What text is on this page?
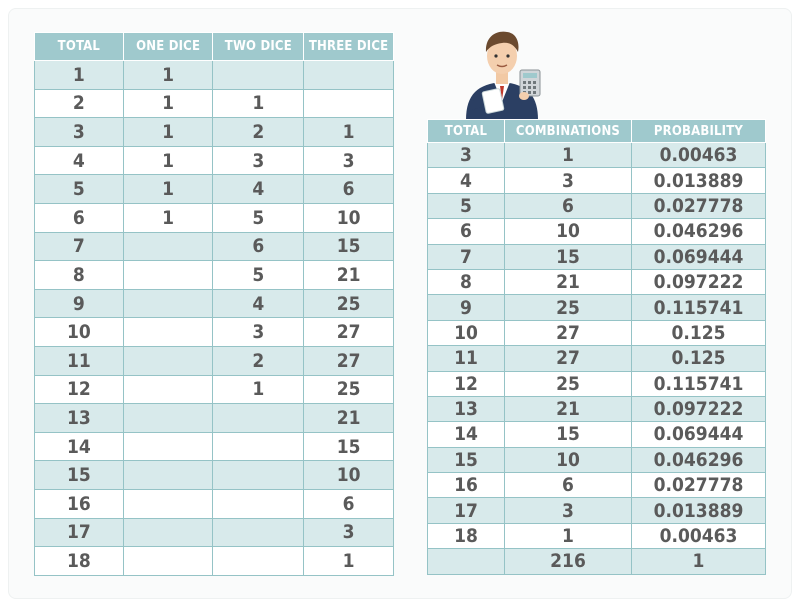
TOTAL	ONE DICE	TWO DICE	THREE DICE
1	1		
2	1	1	
3	1	2	1
4	1	3	3
5	1	4	6
6	1	5	10
7		6	15
8		5	21
9		4	25
10		3	27
11		2	27
12		1	25
13			21
14			15
15			10
16			6
17			3
18			1
TOTAL	COMBINATIONS	PROBABILITY
3	1	0.00463
4	3	0.013889
5	6	0.027778
6	10	0.046296
7	15	0.069444
8	21	0.097222
9	25	0.115741
10	27	0.125
11	27	0.125
12	25	0.115741
13	21	0.097222
14	15	0.069444
15	10	0.046296
16	6	0.027778
17	3	0.013889
18	1	0.00463
	216	1
